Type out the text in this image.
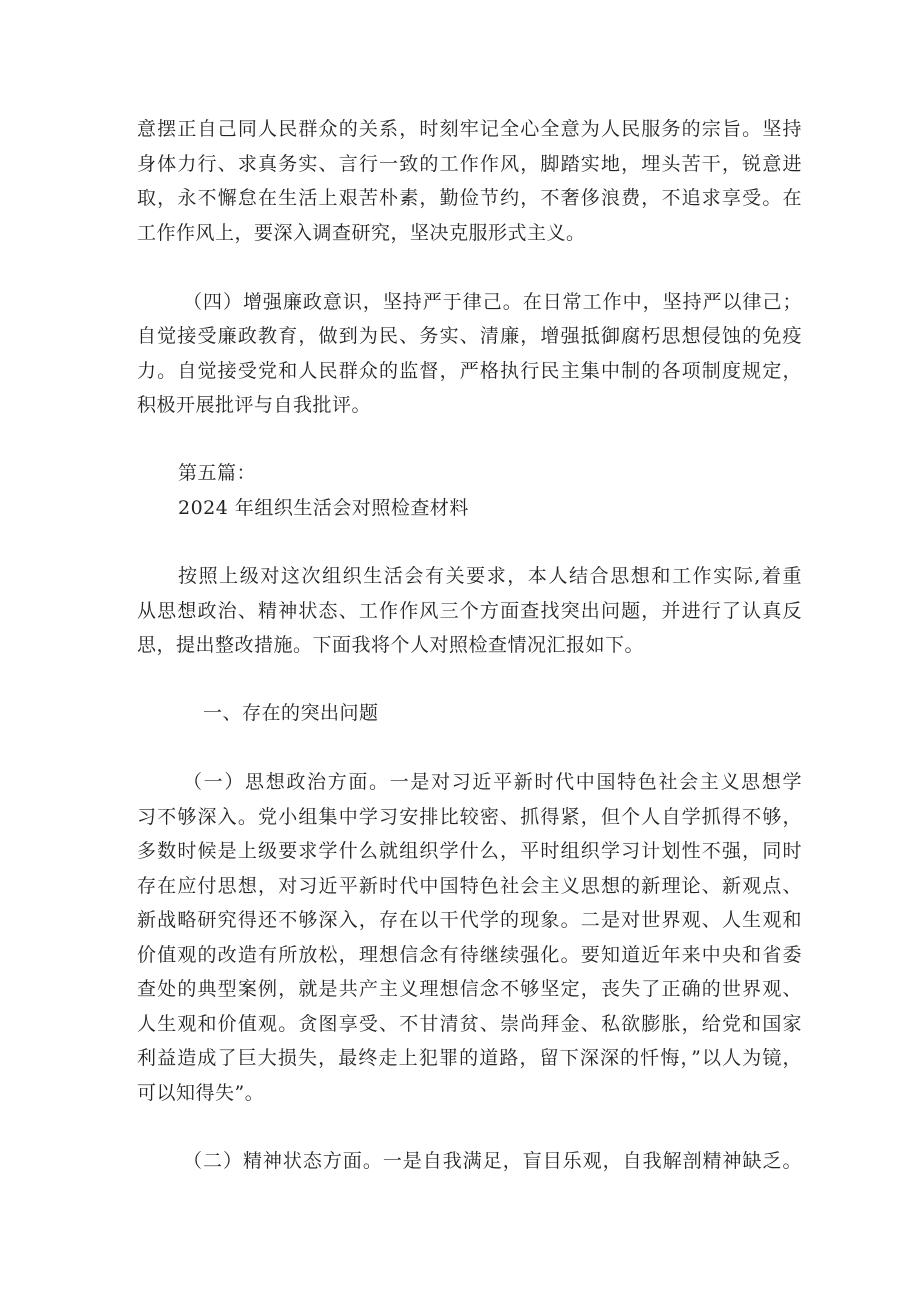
意摆正自己同人民群众的关系，时刻牢记全心全意为人民服务的宗旨。坚持
身体力行、求真务实、言行一致的工作作风，脚踏实地，埋头苦干，锐意进
取，永不懈怠在生活上艰苦朴素，勤俭节约，不奢侈浪费，不追求享受。在
工作作风上，要深入调查研究，坚决克服形式主义。
（四）增强廉政意识，坚持严于律己。在日常工作中，坚持严以律己；
自觉接受廉政教育，做到为民、务实、清廉，增强抵御腐朽思想侵蚀的免疫
力。自觉接受党和人民群众的监督，严格执行民主集中制的各项制度规定，
积极开展批评与自我批评。
第五篇：
2024 年组织生活会对照检查材料
按照上级对这次组织生活会有关要求，本人结合思想和工作实际,着重
从思想政治、精神状态、工作作风三个方面查找突出问题，并进行了认真反
思，提出整改措施。下面我将个人对照检查情况汇报如下。
一、存在的突出问题
（一）思想政治方面。一是对习近平新时代中国特色社会主义思想学
习不够深入。党小组集中学习安排比较密、抓得紧，但个人自学抓得不够，
多数时候是上级要求学什么就组织学什么，平时组织学习计划性不强，同时
存在应付思想，对习近平新时代中国特色社会主义思想的新理论、新观点、
新战略研究得还不够深入，存在以干代学的现象。二是对世界观、人生观和
价值观的改造有所放松，理想信念有待继续强化。要知道近年来中央和省委
查处的典型案例，就是共产主义理想信念不够坚定，丧失了正确的世界观、
人生观和价值观。贪图享受、不甘清贫、崇尚拜金、私欲膨胀，给党和国家
利益造成了巨大损失，最终走上犯罪的道路，留下深深的忏悔，”以人为镜，
可以知得失”。
（二）精神状态方面。一是自我满足，盲目乐观，自我解剖精神缺乏。
